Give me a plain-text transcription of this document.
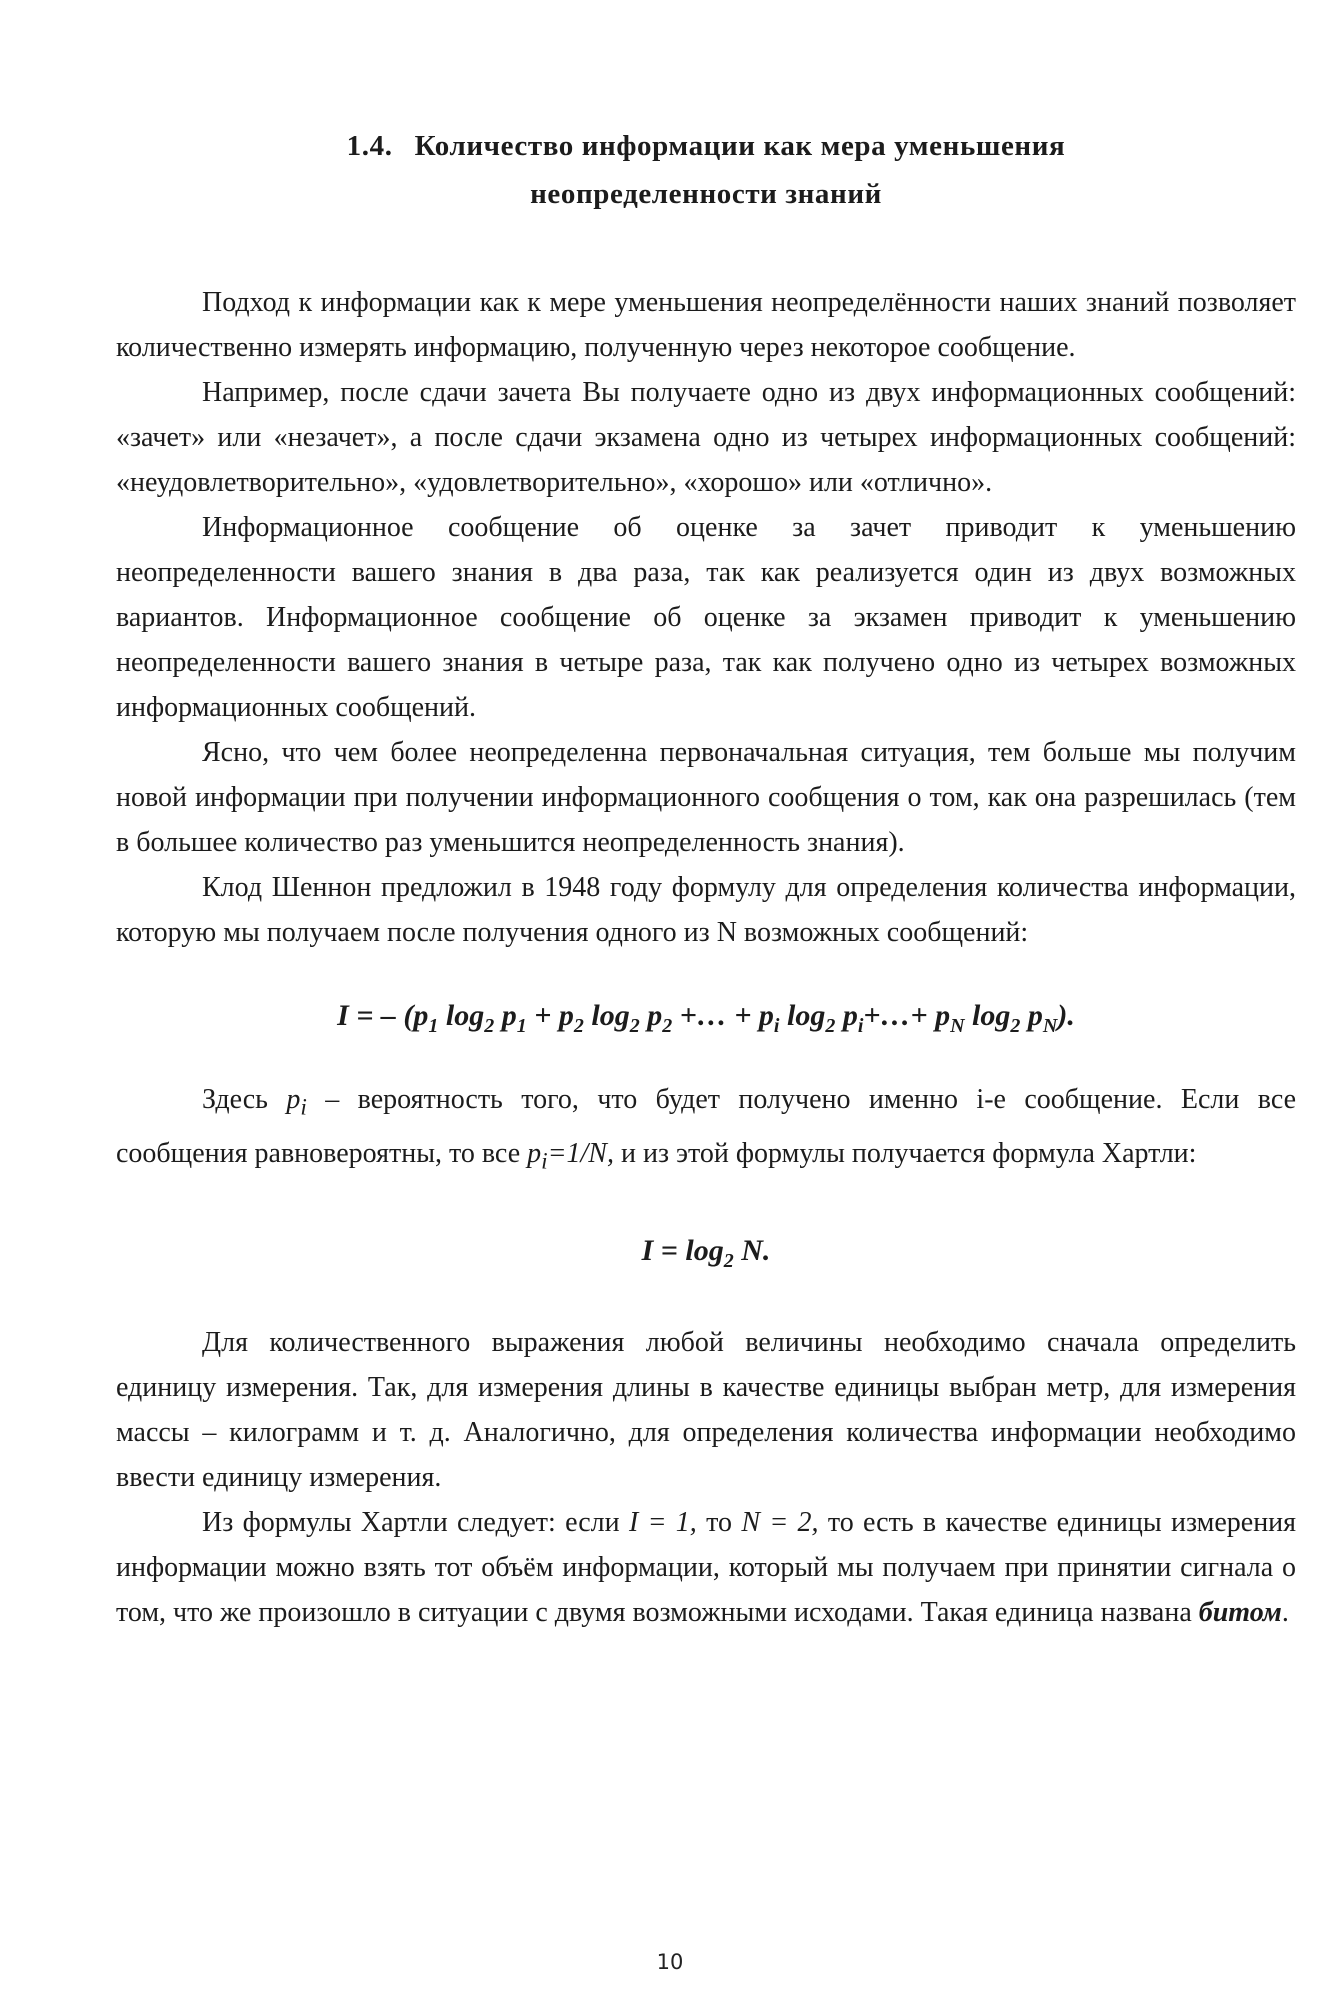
1.4. Количество информации как мера уменьшения
неопределенности знаний

Подход к информации как к мере уменьшения неопределённости наших знаний позволяет количественно измерять информацию, полученную через некоторое сообщение.

Например, после сдачи зачета Вы получаете одно из двух информационных сообщений: «зачет» или «незачет», а после сдачи экзамена одно из четырех информационных сообщений: «неудовлетворительно», «удовлетворительно», «хорошо» или «отлично».

Информационное сообщение об оценке за зачет приводит к уменьшению неопределенности вашего знания в два раза, так как реализуется один из двух возможных вариантов. Информационное сообщение об оценке за экзамен приводит к уменьшению неопределенности вашего знания в четыре раза, так как получено одно из четырех возможных информационных сообщений.

Ясно, что чем более неопределенна первоначальная ситуация, тем больше мы получим новой информации при получении информационного сообщения о том, как она разрешилась (тем в большее количество раз уменьшится неопределенность знания).

Клод Шеннон предложил в 1948 году формулу для определения количества информации, которую мы получаем после получения одного из N возможных сообщений:

I = – ($p_1$ $\log_2 p_1 + p_2$ $\log_2 p_2$ +… + $p_i$ $\log_2$ $p_i+\dots+ p_N$ $\log_2 p_N$).

Здесь $p_i$ – вероятность того, что будет получено именно i-е сообщение. Если все сообщения равновероятны, то все $p_i=1/N$, и из этой формулы получается формула Хартли:

$I = \log_2 N$.

Для количественного выражения любой величины необходимо сначала определить единицу измерения. Так, для измерения длины в качестве единицы выбран метр, для измерения массы – килограмм и т. д. Аналогично, для определения количества информации необходимо ввести единицу измерения.

Из формулы Хартли следует: если I = 1, то N = 2, то есть в качестве единицы измерения информации можно взять тот объём информации, который мы получаем при принятии сигнала о том, что же произошло в ситуации с двумя возможными исходами. Такая единица названа битом.

10
